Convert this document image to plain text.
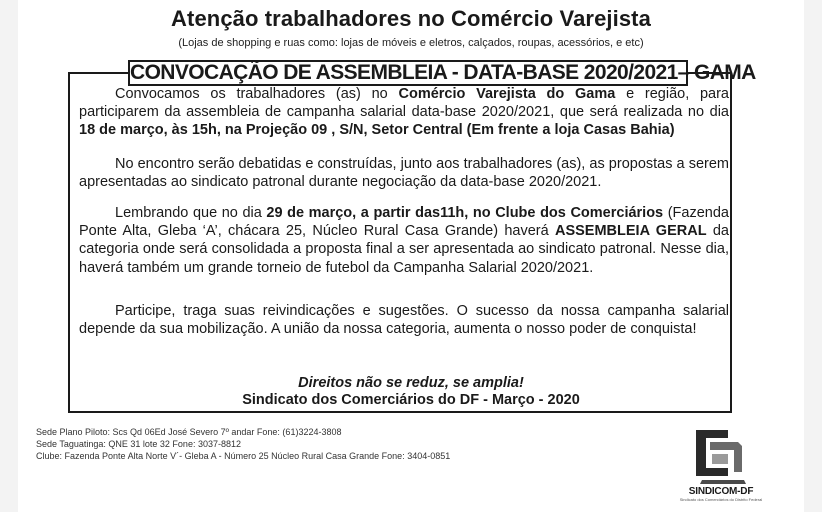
Atenção trabalhadores no Comércio Varejista
(Lojas de shopping e ruas como: lojas de móveis e eletros, calçados, roupas, acessórios, e etc)
CONVOCAÇÃO DE ASSEMBLEIA - DATA-BASE 2020/2021– GAMA

Convocamos os trabalhadores (as) no Comércio Varejista do Gama e região, para participarem da assembleia de campanha salarial data-base 2020/2021, que será realizada no dia 18 de março, às 15h, na Projeção 09 , S/N, Setor Central (Em frente a loja Casas Bahia)

No encontro serão debatidas e construídas, junto aos trabalhadores (as), as propostas a serem apresentadas ao sindicato patronal durante negociação da data-base 2020/2021.

Lembrando que no dia 29 de março, a partir das11h, no Clube dos Comerciários (Fazenda Ponte Alta, Gleba ‘A’, chácara 25, Núcleo Rural Casa Grande) haverá ASSEMBLEIA GERAL da categoria onde será consolidada a proposta final a ser apresentada ao sindicato patronal. Nesse dia, haverá também um grande torneio de futebol da Campanha Salarial 2020/2021.

Participe, traga suas reivindicações e sugestões. O sucesso da nossa campanha salarial depende da sua mobilização. A união da nossa categoria, aumenta o nosso poder de conquista!

Direitos não se reduz, se amplia!
Sindicato dos Comerciários do DF - Março - 2020
Sede Plano Piloto: Scs Qd 06Ed José Severo 7º andar Fone: (61)3224-3808
Sede Taguatinga: QNE 31 lote 32 Fone: 3037-8812
Clube: Fazenda Ponte Alta Norte V´- Gleba A - Número 25 Núcleo Rural Casa Grande Fone: 3404-0851
SINDICOM-DF
Sindicato dos Comerciários do Distrito Federal
